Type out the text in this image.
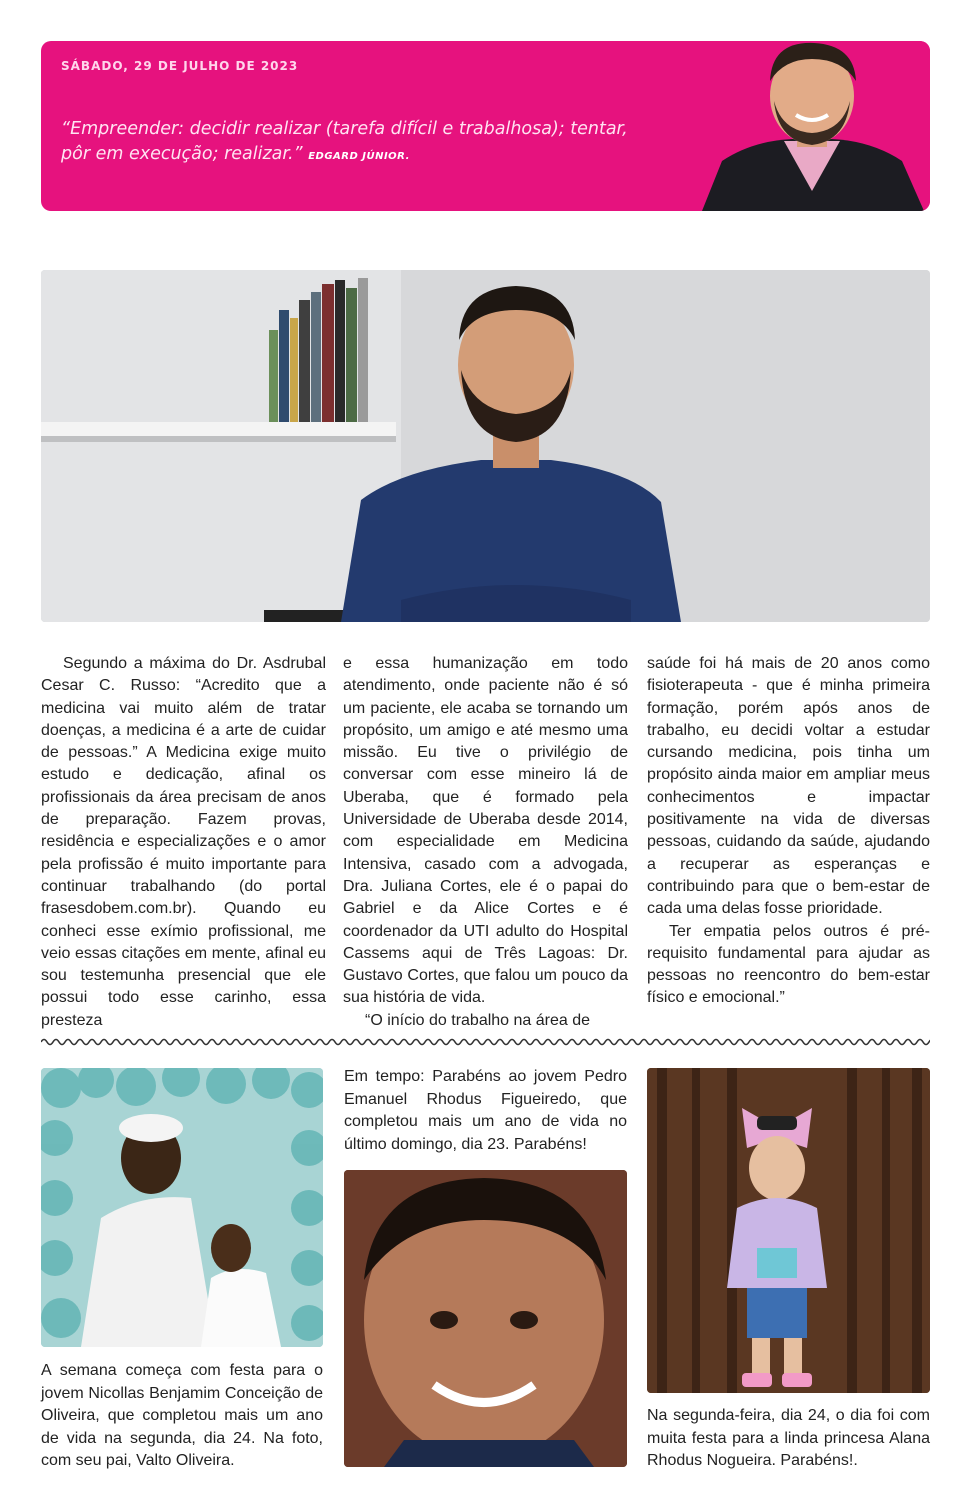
SÁBADO, 29 DE JULHO DE 2023
“Empreender: decidir realizar (tarefa difícil e trabalhosa); tentar, pôr em execução; realizar.” EDGARD JÚNIOR.

Segundo a máxima do Dr. Asdrubal Cesar C. Russo: “Acredito que a medicina vai muito além de tratar doenças, a medicina é a arte de cuidar de pessoas.” A Medicina exige muito estudo e dedicação, afinal os profissionais da área precisam de anos de preparação. Fazem provas, residência e especializações e o amor pela profissão é muito importante para continuar trabalhando (do portal frasesdobem.com.br). Quando eu conheci esse exímio profissional, me veio essas citações em mente, afinal eu sou testemunha presencial que ele possui todo esse carinho, essa presteza

e essa humanização em todo atendimento, onde paciente não é só um paciente, ele acaba se tornando um propósito, um amigo e até mesmo uma missão. Eu tive o privilégio de conversar com esse mineiro lá de Uberaba, que é formado pela Universidade de Uberaba desde 2014, com especialidade em Medicina Intensiva, casado com a advogada, Dra. Juliana Cortes, ele é o papai do Gabriel e da Alice Cortes e é coordenador da UTI adulto do Hospital Cassems aqui de Três Lagoas: Dr. Gustavo Cortes, que falou um pouco da sua história de vida.

“O início do trabalho na área de

saúde foi há mais de 20 anos como fisioterapeuta - que é minha primeira formação, porém após anos de trabalho, eu decidi voltar a estudar cursando medicina, pois tinha um propósito ainda maior em ampliar meus conhecimentos e impactar positivamente na vida de diversas pessoas, cuidando da saúde, ajudando a recuperar as esperanças e contribuindo para que o bem-estar de cada uma delas fosse prioridade.

Ter empatia pelos outros é pré-requisito fundamental para ajudar as pessoas no reencontro do bem-estar físico e emocional.”

A semana começa com festa para o jovem Nicollas Benjamim Conceição de Oliveira, que completou mais um ano de vida na segunda, dia 24. Na foto, com seu pai, Valto Oliveira.
Em tempo: Parabéns ao jovem Pedro Emanuel Rhodus Figueiredo, que completou mais um ano de vida no último domingo, dia 23. Parabéns!
Na segunda-feira, dia 24, o dia foi com muita festa para a linda princesa Alana Rhodus Nogueira. Parabéns!.
